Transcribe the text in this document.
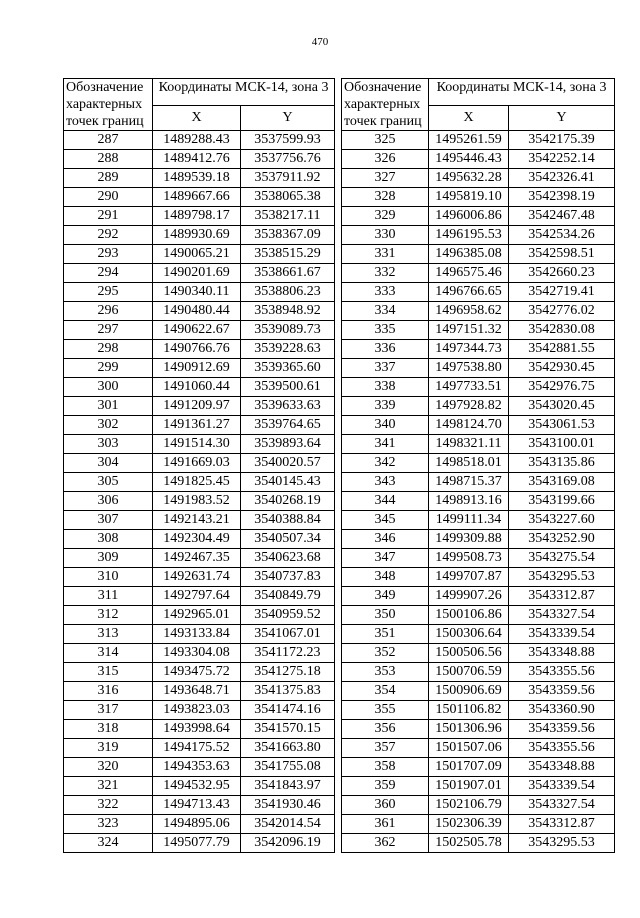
470
Обозначение характерных точек границ	Координаты МСК-14, зона 3	
	X	Y
287	1489288.43	3537599.93
288	1489412.76	3537756.76
289	1489539.18	3537911.92
290	1489667.66	3538065.38
291	1489798.17	3538217.11
292	1489930.69	3538367.09
293	1490065.21	3538515.29
294	1490201.69	3538661.67
295	1490340.11	3538806.23
296	1490480.44	3538948.92
297	1490622.67	3539089.73
298	1490766.76	3539228.63
299	1490912.69	3539365.60
300	1491060.44	3539500.61
301	1491209.97	3539633.63
302	1491361.27	3539764.65
303	1491514.30	3539893.64
304	1491669.03	3540020.57
305	1491825.45	3540145.43
306	1491983.52	3540268.19
307	1492143.21	3540388.84
308	1492304.49	3540507.34
309	1492467.35	3540623.68
310	1492631.74	3540737.83
311	1492797.64	3540849.79
312	1492965.01	3540959.52
313	1493133.84	3541067.01
314	1493304.08	3541172.23
315	1493475.72	3541275.18
316	1493648.71	3541375.83
317	1493823.03	3541474.16
318	1493998.64	3541570.15
319	1494175.52	3541663.80
320	1494353.63	3541755.08
321	1494532.95	3541843.97
322	1494713.43	3541930.46
323	1494895.06	3542014.54
324	1495077.79	3542096.19
Обозначение характерных точек границ	Координаты МСК-14, зона 3	
	X	Y
325	1495261.59	3542175.39
326	1495446.43	3542252.14
327	1495632.28	3542326.41
328	1495819.10	3542398.19
329	1496006.86	3542467.48
330	1496195.53	3542534.26
331	1496385.08	3542598.51
332	1496575.46	3542660.23
333	1496766.65	3542719.41
334	1496958.62	3542776.02
335	1497151.32	3542830.08
336	1497344.73	3542881.55
337	1497538.80	3542930.45
338	1497733.51	3542976.75
339	1497928.82	3543020.45
340	1498124.70	3543061.53
341	1498321.11	3543100.01
342	1498518.01	3543135.86
343	1498715.37	3543169.08
344	1498913.16	3543199.66
345	1499111.34	3543227.60
346	1499309.88	3543252.90
347	1499508.73	3543275.54
348	1499707.87	3543295.53
349	1499907.26	3543312.87
350	1500106.86	3543327.54
351	1500306.64	3543339.54
352	1500506.56	3543348.88
353	1500706.59	3543355.56
354	1500906.69	3543359.56
355	1501106.82	3543360.90
356	1501306.96	3543359.56
357	1501507.06	3543355.56
358	1501707.09	3543348.88
359	1501907.01	3543339.54
360	1502106.79	3543327.54
361	1502306.39	3543312.87
362	1502505.78	3543295.53
